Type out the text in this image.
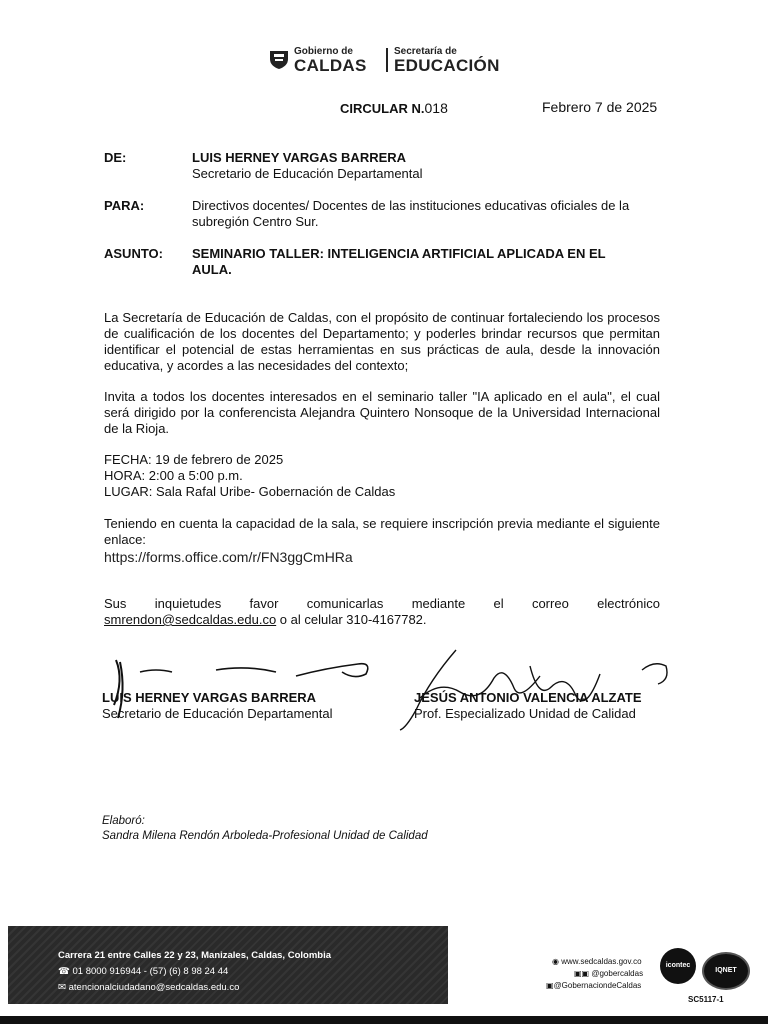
Gobierno de
CALDAS
Secretaría de
EDUCACIÓN
CIRCULAR N.018	Febrero 7 de 2025
DE:	LUIS HERNEY VARGAS BARRERA
Secretario de Educación Departamental
PARA:	Directivos docentes/ Docentes de las instituciones educativas oficiales de la
subregión Centro Sur.
ASUNTO: SEMINARIO TALLER: INTELIGENCIA ARTIFICIAL APLICADA EN EL
AULA.
La Secretaría de Educación de Caldas, con el propósito de continuar fortaleciendo los procesos de cualificación de los docentes del Departamento; y poderles brindar recursos que permitan identificar el potencial de estas herramientas en sus prácticas de aula, desde la innovación educativa, y acordes a las necesidades del contexto;
Invita a todos los docentes interesados en el seminario taller "IA aplicado en el aula", el cual será dirigido por la conferencista Alejandra Quintero Nonsoque de la Universidad Internacional de la Rioja.
FECHA: 19 de febrero de 2025
HORA: 2:00 a 5:00 p.m.
LUGAR: Sala Rafal Uribe- Gobernación de Caldas
Teniendo en cuenta la capacidad de la sala, se requiere inscripción previa mediante el siguiente enlace:
https://forms.office.com/r/FN3ggCmHRa
Sus inquietudes favor comunicarlas mediante el correo electrónico
smrendon@sedcaldas.edu.co o al celular 310-4167782.
LUIS HERNEY VARGAS BARRERA
Secretario de Educación Departamental
JESÚS ANTONIO VALENCIA ALZATE
Prof. Especializado Unidad de Calidad
Elaboró:
Sandra Milena Rendón Arboleda-Profesional Unidad de Calidad
Carrera 21 entre Calles 22 y 23, Manizales, Caldas, Colombia
☎ 01 8000 916944 - (57) (6) 8 98 24 44
✉ atencionalciudadano@sedcaldas.edu.co
◉ www.sedcaldas.gov.co
▣▣ @gobercaldas
▣@GobernaciondeCaldas
icontec
IQNET
SC5117-1
